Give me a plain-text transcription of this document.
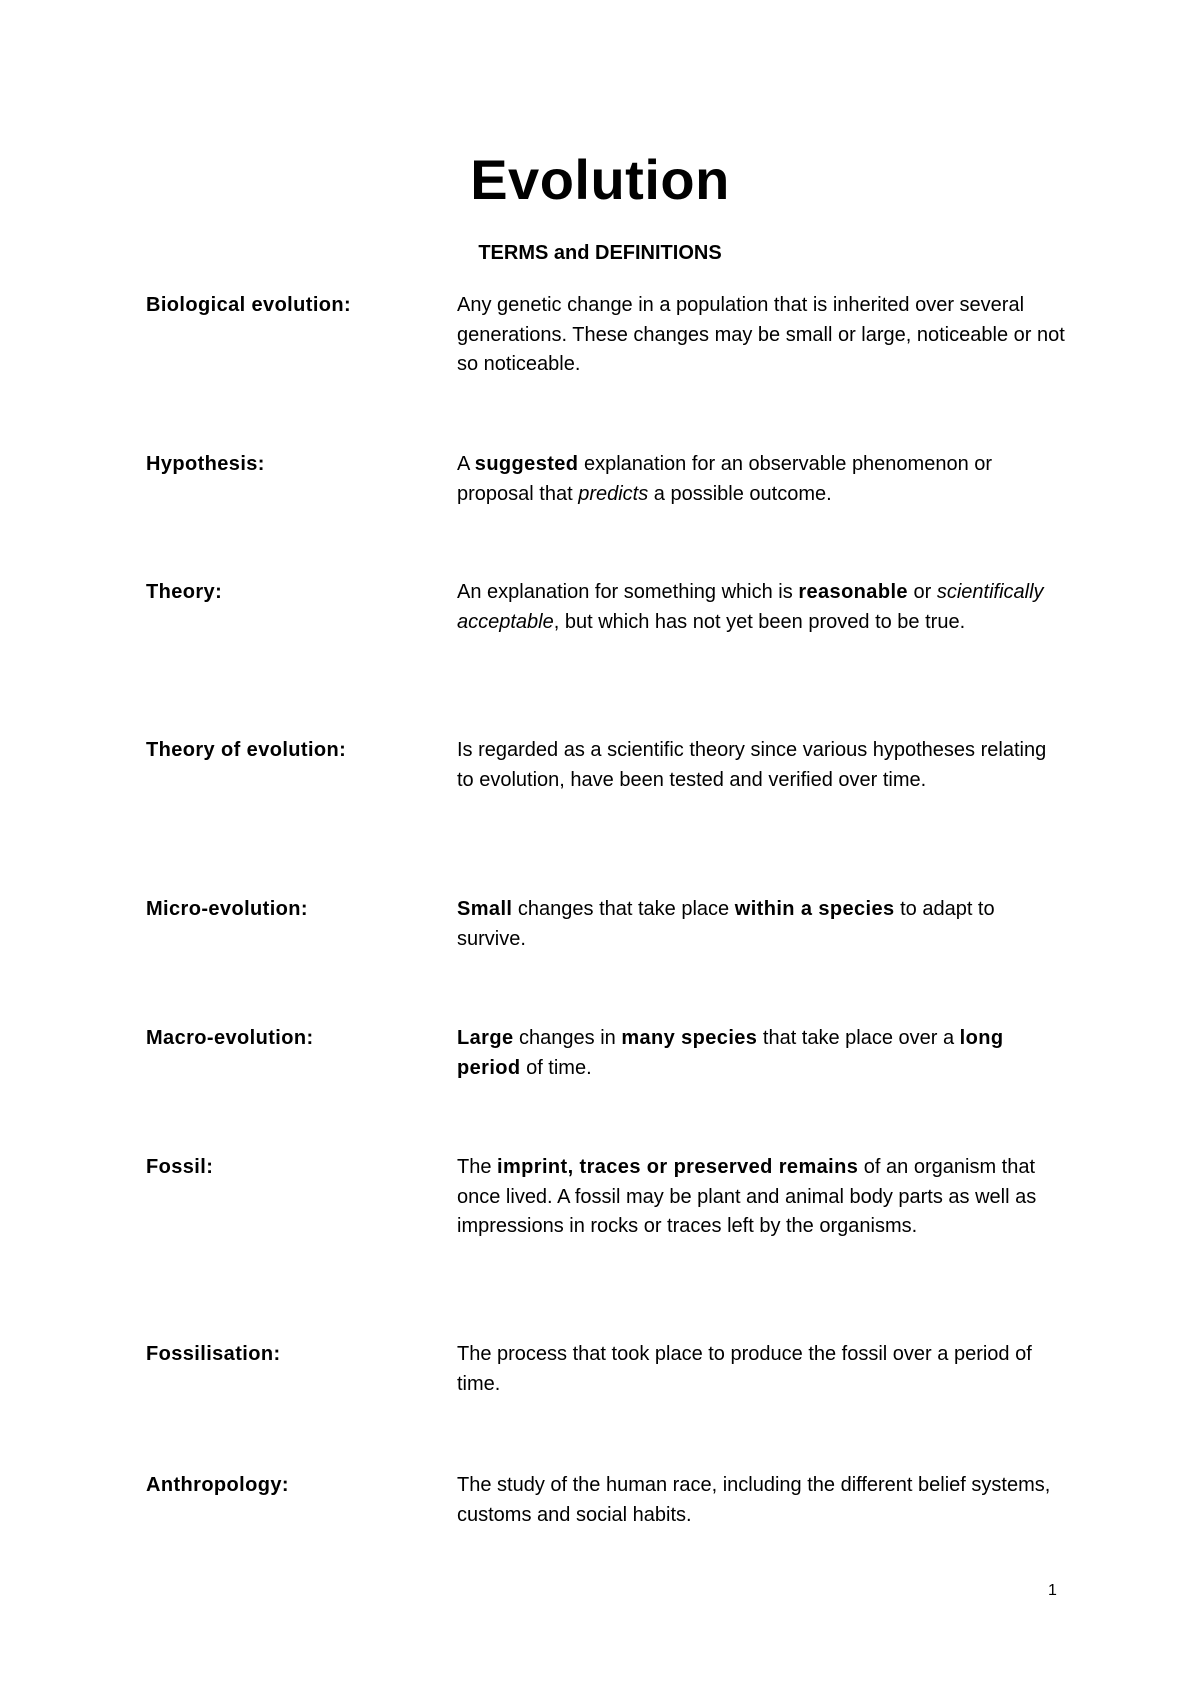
Evolution
TERMS and DEFINITIONS
Biological evolution:	Any genetic change in a population that is inherited over several generations. These changes may be small or large, noticeable or not so noticeable.
Hypothesis:	A suggested explanation for an observable phenomenon or proposal that predicts a possible outcome.
Theory:	An explanation for something which is reasonable or scientifically acceptable, but which has not yet been proved to be true.
Theory of evolution:	Is regarded as a scientific theory since various hypotheses relating to evolution, have been tested and verified over time.
Micro-evolution:	Small changes that take place within a species to adapt to survive.
Macro-evolution:	Large changes in many species that take place over a long period of time.
Fossil:	The imprint, traces or preserved remains of an organism that once lived. A fossil may be plant and animal body parts as well as impressions in rocks or traces left by the organisms.
Fossilisation:	The process that took place to produce the fossil over a period of time.
Anthropology:	The study of the human race, including the different belief systems, customs and social habits.
1
